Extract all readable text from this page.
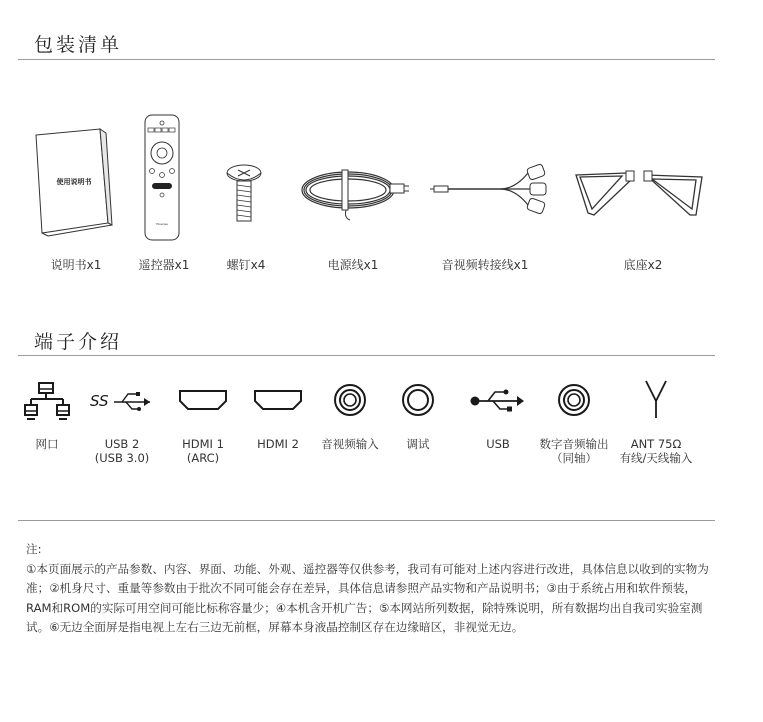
包装清单
使用说明书
Hisense
说明书x1	遥控器x1	螺钉x4	电源线x1	音视频转接线x1	底座x2
端子介绍
SS
网口	USB 2
(USB 3.0)
HDMI 1
(ARC)
HDMI 2	音视频输入	调试	USB	数字音频输出
（同轴）
ANT 75Ω
有线/天线输入

注:

①本页面展示的产品参数、内容、界面、功能、外观、遥控器等仅供参考，我司有可能对上述内容进行改进，具体信息以收到的实物为准；②机身尺寸、重量等参数由于批次不同可能会存在差异，具体信息请参照产品实物和产品说明书；③由于系统占用和软件预装，RAM和ROM的实际可用空间可能比标称容量少；④本机含开机广告；⑤本网站所列数据，除特殊说明，所有数据均出自我司实验室测试。⑥无边全面屏是指电视上左右三边无前框，屏幕本身液晶控制区存在边缘暗区，非视觉无边。
